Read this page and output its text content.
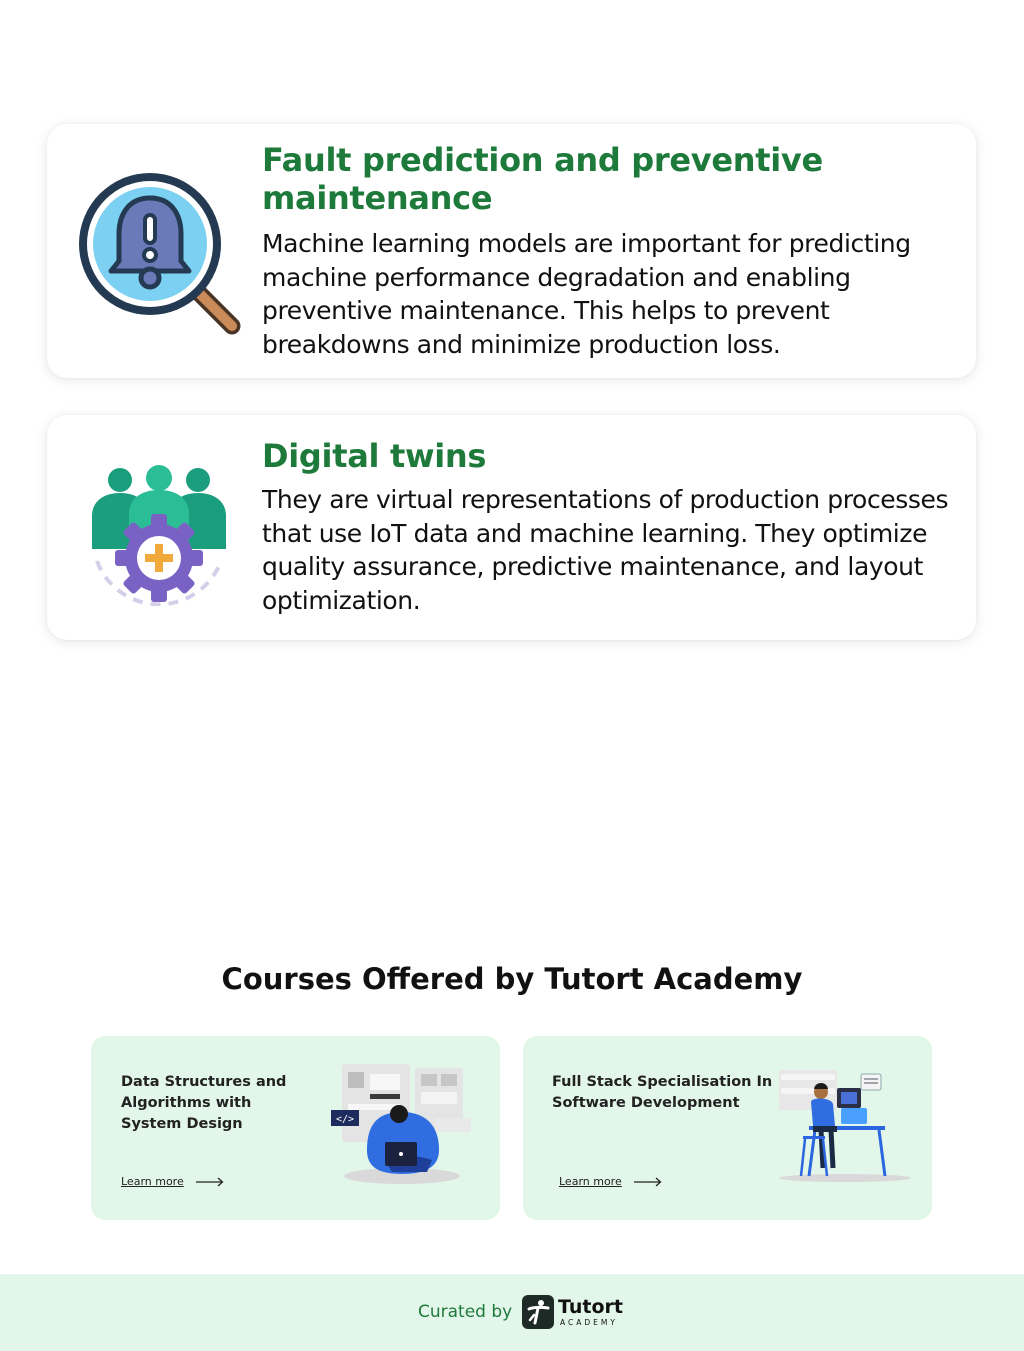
Fault prediction and preventive maintenance

Machine learning models are important for predicting machine performance degradation and enabling preventive maintenance. This helps to prevent breakdowns and minimize production loss.

Digital twins

They are virtual representations of production processes that use IoT data and machine learning. They optimize quality assurance, predictive maintenance, and layout optimization.

Courses Offered by Tutort Academy
Data Structures and Algorithms with System Design
Learn more
</>
Full Stack Specialisation In Software Development
Learn more
Curated by Tutort
ACADEMY
